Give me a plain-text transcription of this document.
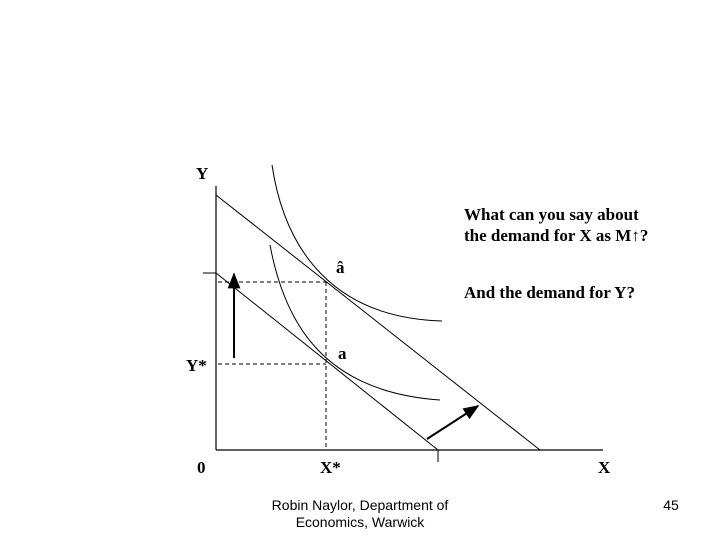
Y

0	X

Y*

X*

â

a

What can you say about the demand for X as M↑?

And the demand for Y?

Robin Naylor, Department of
Economics, Warwick

45
